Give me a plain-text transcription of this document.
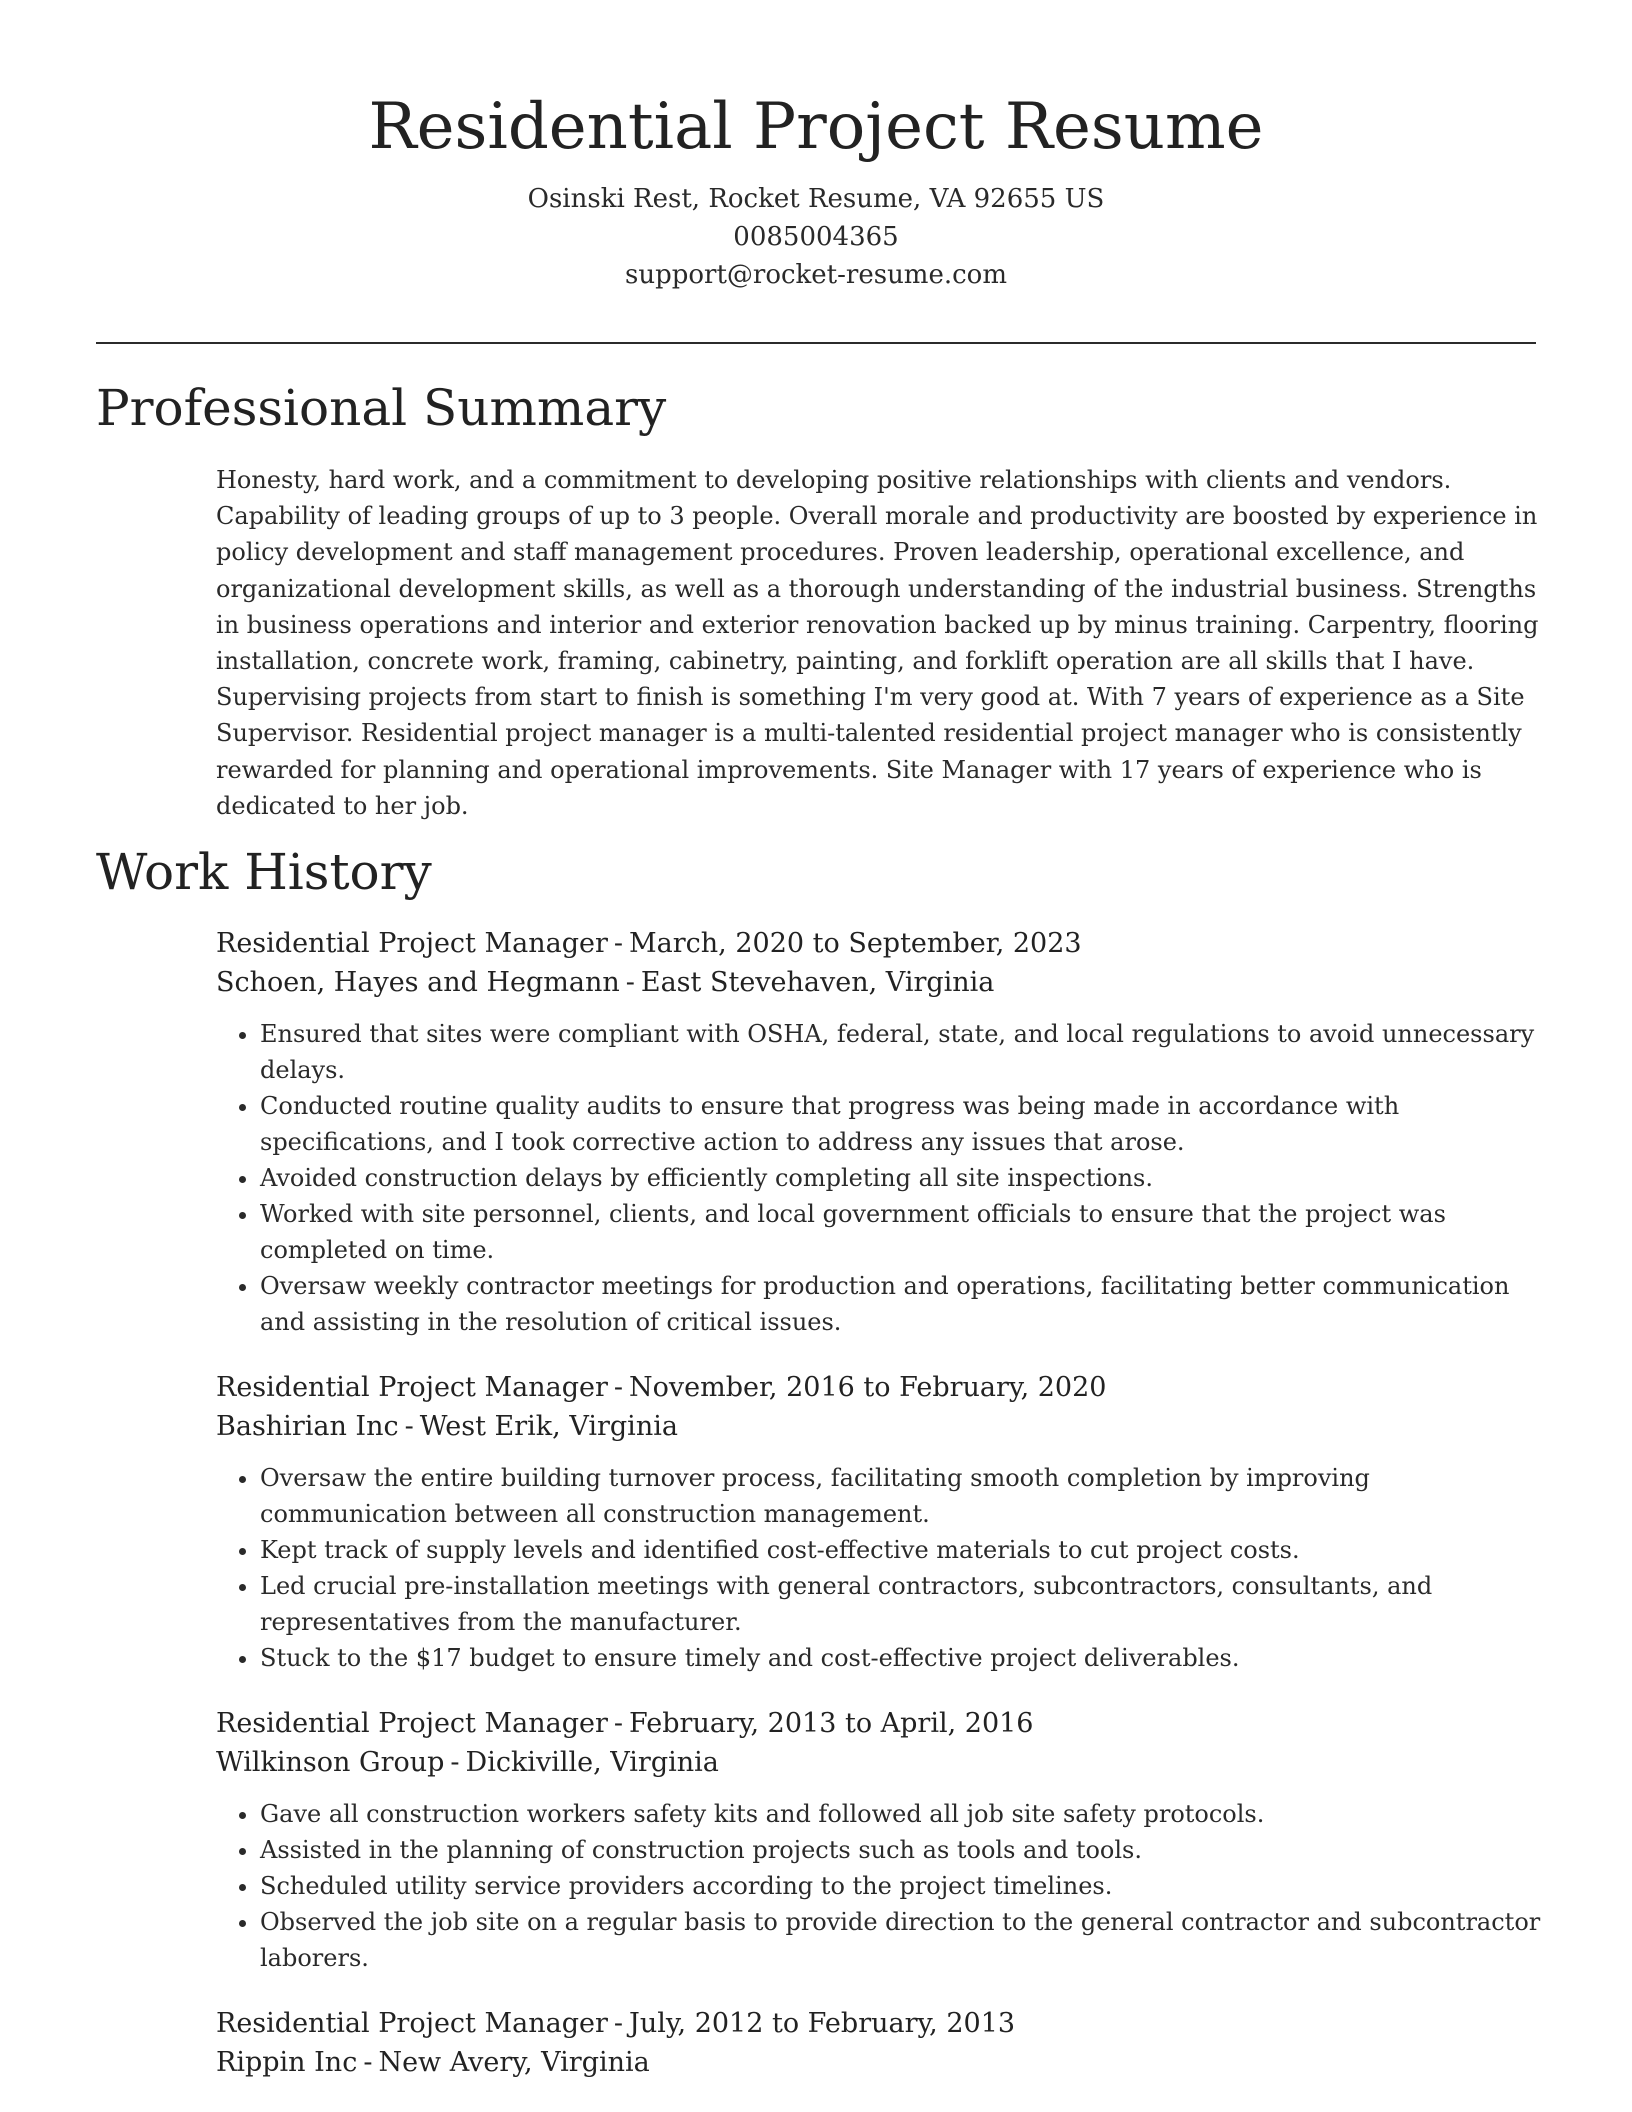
Residential Project Resume
Osinski Rest, Rocket Resume, VA 92655 US
0085004365
support@rocket-resume.com
Professional Summary

Honesty, hard work, and a commitment to developing positive relationships with clients and vendors. Capability of leading groups of up to 3 people. Overall morale and productivity are boosted by experience in policy development and staff management procedures. Proven leadership, operational excellence, and organizational development skills, as well as a thorough understanding of the industrial business. Strengths in business operations and interior and exterior renovation backed up by minus training. Carpentry, flooring installation, concrete work, framing, cabinetry, painting, and forklift operation are all skills that I have. Supervising projects from start to finish is something I'm very good at. With 7 years of experience as a Site Supervisor. Residential project manager is a multi-talented residential project manager who is consistently rewarded for planning and operational improvements. Site Manager with 17 years of experience who is dedicated to her job.

Work History
Residential Project Manager - March, 2020 to September, 2023
Schoen, Hayes and Hegmann - East Stevehaven, Virginia
• Ensured that sites were compliant with OSHA, federal, state, and local regulations to avoid unnecessary delays.
• Conducted routine quality audits to ensure that progress was being made in accordance with specifications, and I took corrective action to address any issues that arose.
• Avoided construction delays by efficiently completing all site inspections.
• Worked with site personnel, clients, and local government officials to ensure that the project was completed on time.
• Oversaw weekly contractor meetings for production and operations, facilitating better communication and assisting in the resolution of critical issues.
Residential Project Manager - November, 2016 to February, 2020
Bashirian Inc - West Erik, Virginia
• Oversaw the entire building turnover process, facilitating smooth completion by improving communication between all construction management.
• Kept track of supply levels and identified cost-effective materials to cut project costs.
• Led crucial pre-installation meetings with general contractors, subcontractors, consultants, and representatives from the manufacturer.
• Stuck to the $17 budget to ensure timely and cost-effective project deliverables.
Residential Project Manager - February, 2013 to April, 2016
Wilkinson Group - Dickiville, Virginia
• Gave all construction workers safety kits and followed all job site safety protocols.
• Assisted in the planning of construction projects such as tools and tools.
• Scheduled utility service providers according to the project timelines.
• Observed the job site on a regular basis to provide direction to the general contractor and subcontractor laborers.
Residential Project Manager - July, 2012 to February, 2013
Rippin Inc - New Avery, Virginia
